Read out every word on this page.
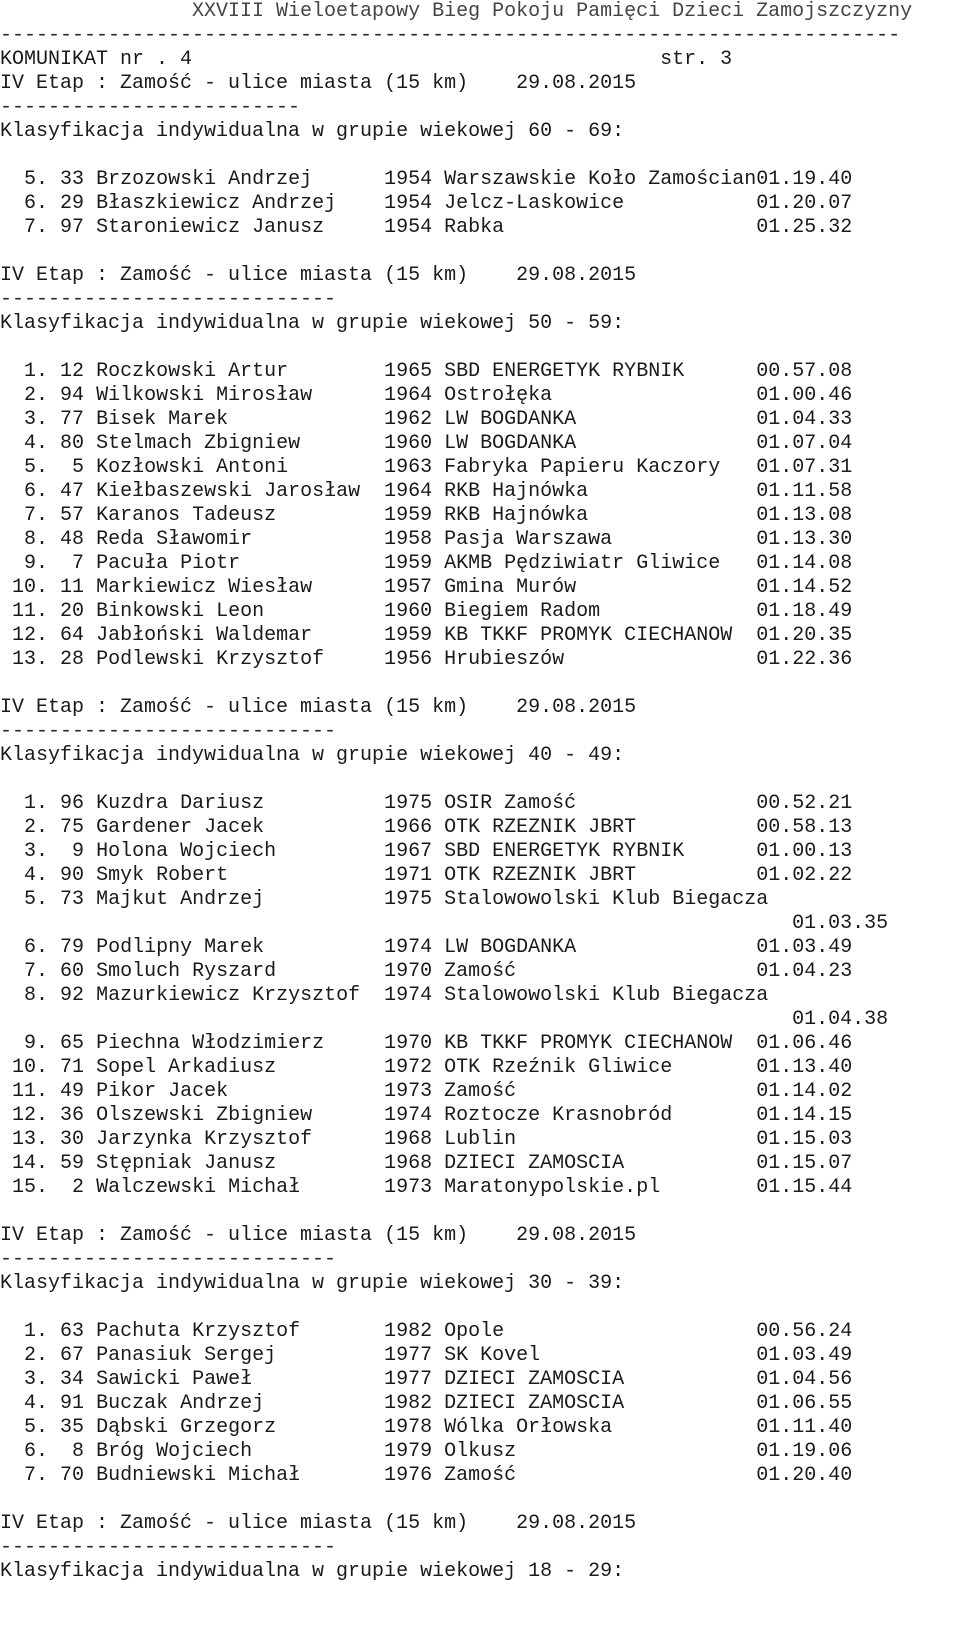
XXVIII Wieloetapowy Bieg Pokoju Pamięci Dzieci Zamojszczyzny
---------------------------------------------------------------------------
KOMUNIKAT nr . 4	str. 3
IV Etap : Zamość - ulice miasta (15 km)    29.08.2015
-------------------------
Klasyfikacja indywidualna w grupie wiekowej 60 - 69:
5. 33 Brzozowski Andrzej      1954 Warszawskie Koło Zamościan01.19.40
6. 29 Błaszkiewicz Andrzej    1954 Jelcz-Laskowice           01.20.07
7. 97 Staroniewicz Janusz     1954 Rabka                     01.25.32
IV Etap : Zamość - ulice miasta (15 km)    29.08.2015
----------------------------
Klasyfikacja indywidualna w grupie wiekowej 50 - 59:
1. 12 Roczkowski Artur        1965 SBD ENERGETYK RYBNIK      00.57.08
2. 94 Wilkowski Mirosław      1964 Ostrołęka                 01.00.46
3. 77 Bisek Marek             1962 LW BOGDANKA               01.04.33
4. 80 Stelmach Zbigniew       1960 LW BOGDANKA               01.07.04
5.  5 Kozłowski Antoni        1963 Fabryka Papieru Kaczory   01.07.31
6. 47 Kiełbaszewski Jarosław  1964 RKB Hajnówka              01.11.58
7. 57 Karanos Tadeusz         1959 RKB Hajnówka              01.13.08
8. 48 Reda Sławomir           1958 Pasja Warszawa            01.13.30
9.  7 Pacuła Piotr            1959 AKMB Pędziwiatr Gliwice   01.14.08
10. 11 Markiewicz Wiesław      1957 Gmina Murów               01.14.52
11. 20 Binkowski Leon          1960 Biegiem Radom             01.18.49
12. 64 Jabłoński Waldemar      1959 KB TKKF PROMYK CIECHANOW  01.20.35
13. 28 Podlewski Krzysztof     1956 Hrubieszów                01.22.36
IV Etap : Zamość - ulice miasta (15 km)    29.08.2015
----------------------------
Klasyfikacja indywidualna w grupie wiekowej 40 - 49:
1. 96 Kuzdra Dariusz          1975 OSIR Zamość               00.52.21
2. 75 Gardener Jacek          1966 OTK RZEZNIK JBRT          00.58.13
3.  9 Holona Wojciech         1967 SBD ENERGETYK RYBNIK      01.00.13
4. 90 Smyk Robert             1971 OTK RZEZNIK JBRT          01.02.22
5. 73 Majkut Andrzej          1975 Stalowowolski Klub Biegacza
01.03.35
6. 79 Podlipny Marek          1974 LW BOGDANKA               01.03.49
7. 60 Smoluch Ryszard         1970 Zamość                    01.04.23
8. 92 Mazurkiewicz Krzysztof  1974 Stalowowolski Klub Biegacza
01.04.38
9. 65 Piechna Włodzimierz     1970 KB TKKF PROMYK CIECHANOW  01.06.46
10. 71 Sopel Arkadiusz         1972 OTK Rzeźnik Gliwice       01.13.40
11. 49 Pikor Jacek             1973 Zamość                    01.14.02
12. 36 Olszewski Zbigniew      1974 Roztocze Krasnobród       01.14.15
13. 30 Jarzynka Krzysztof      1968 Lublin                    01.15.03
14. 59 Stępniak Janusz         1968 DZIECI ZAMOSCIA           01.15.07
15.  2 Walczewski Michał       1973 Maratonypolskie.pl        01.15.44
IV Etap : Zamość - ulice miasta (15 km)    29.08.2015
----------------------------
Klasyfikacja indywidualna w grupie wiekowej 30 - 39:
1. 63 Pachuta Krzysztof       1982 Opole                     00.56.24
2. 67 Panasiuk Sergej         1977 SK Kovel                  01.03.49
3. 34 Sawicki Paweł           1977 DZIECI ZAMOSCIA           01.04.56
4. 91 Buczak Andrzej          1982 DZIECI ZAMOSCIA           01.06.55
5. 35 Dąbski Grzegorz         1978 Wólka Orłowska            01.11.40
6.  8 Bróg Wojciech           1979 Olkusz                    01.19.06
7. 70 Budniewski Michał       1976 Zamość                    01.20.40
IV Etap : Zamość - ulice miasta (15 km)    29.08.2015
----------------------------
Klasyfikacja indywidualna w grupie wiekowej 18 - 29:
